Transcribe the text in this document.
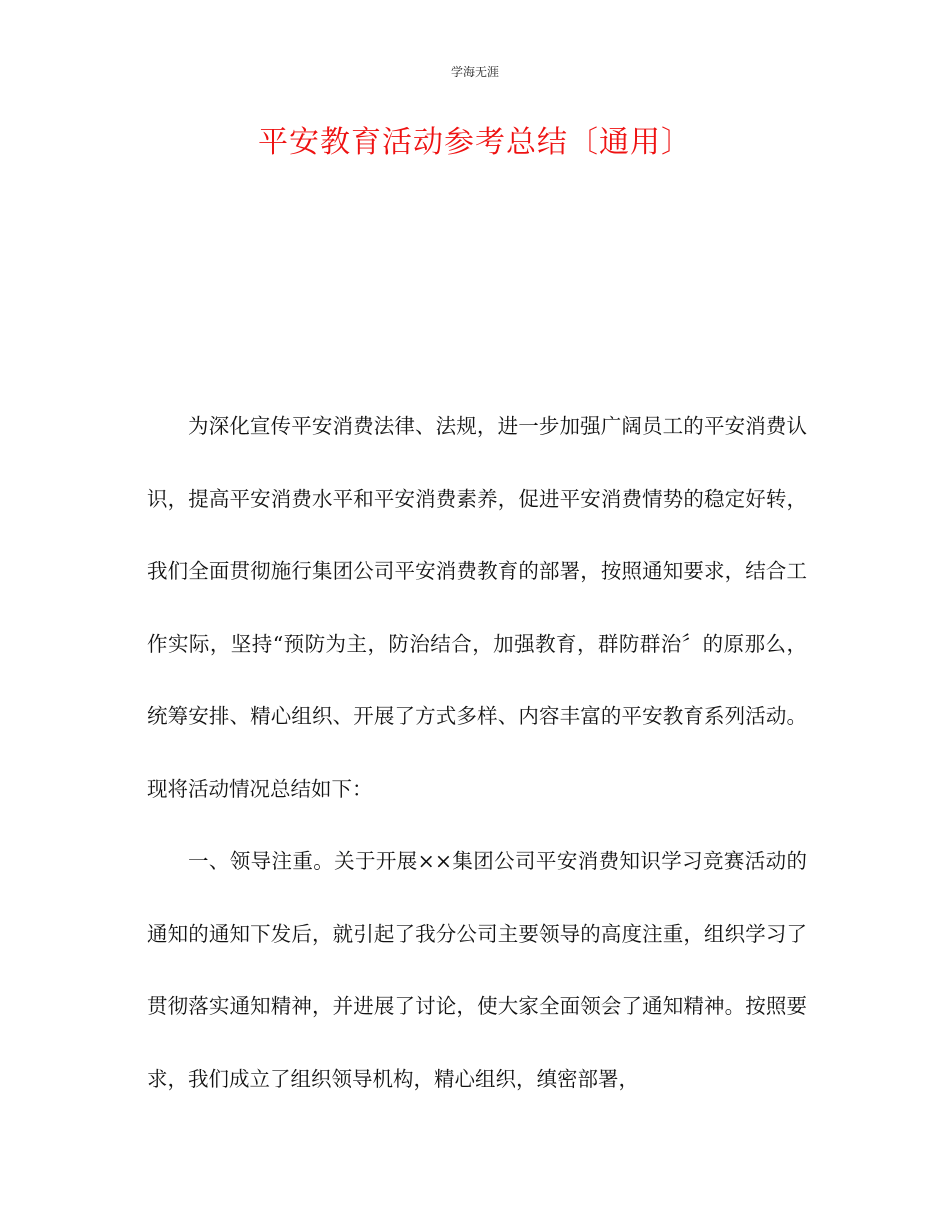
学海无涯
平安教育活动参考总结〔通用〕

为深化宣传平安消费法律、法规，进一步加强广阔员工的平安消费认识，提高平安消费水平和平安消费素养，促进平安消费情势的稳定好转，我们全面贯彻施行集团公司平安消费教育的部署，按照通知要求，结合工作实际，坚持“预防为主，防治结合，加强教育，群防群治〞的原那么，统筹安排、精心组织、开展了方式多样、内容丰富的平安教育系列活动。现将活动情况总结如下：

一、领导注重。关于开展××集团公司平安消费知识学习竞赛活动的通知的通知下发后，就引起了我分公司主要领导的高度注重，组织学习了贯彻落实通知精神，并进展了讨论，使大家全面领会了通知精神。按照要求，我们成立了组织领导机构，精心组织，缜密部署，
